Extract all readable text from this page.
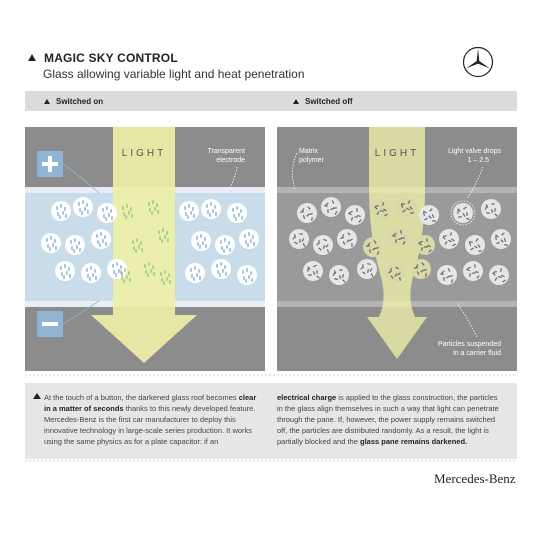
MAGIC SKY CONTROL
Glass allowing variable light and heat penetration
Switched on	Switched off
LIGHT	Transparent
electrode
LIGHT
Matrix
polymer
Light valve drops
1 – 2.5
Particles suspended
in a carrier fluid
At the touch of a button, the darkened glass roof becomes clear in a matter of seconds thanks to this newly developed feature. Mercedes-Benz is the first car manufacturer to deploy this innovative technology in large-scale series production. It works using the same physics as for a plate capacitor: if an
electrical charge is applied to the glass construction, the particles in the glass align themselves in such a way that light can penetrate through the pane. If, however, the power supply remains switched off, the particles are distributed randomly. As a result, the light is partially blocked and the glass pane remains darkened.
Mercedes-Benz
